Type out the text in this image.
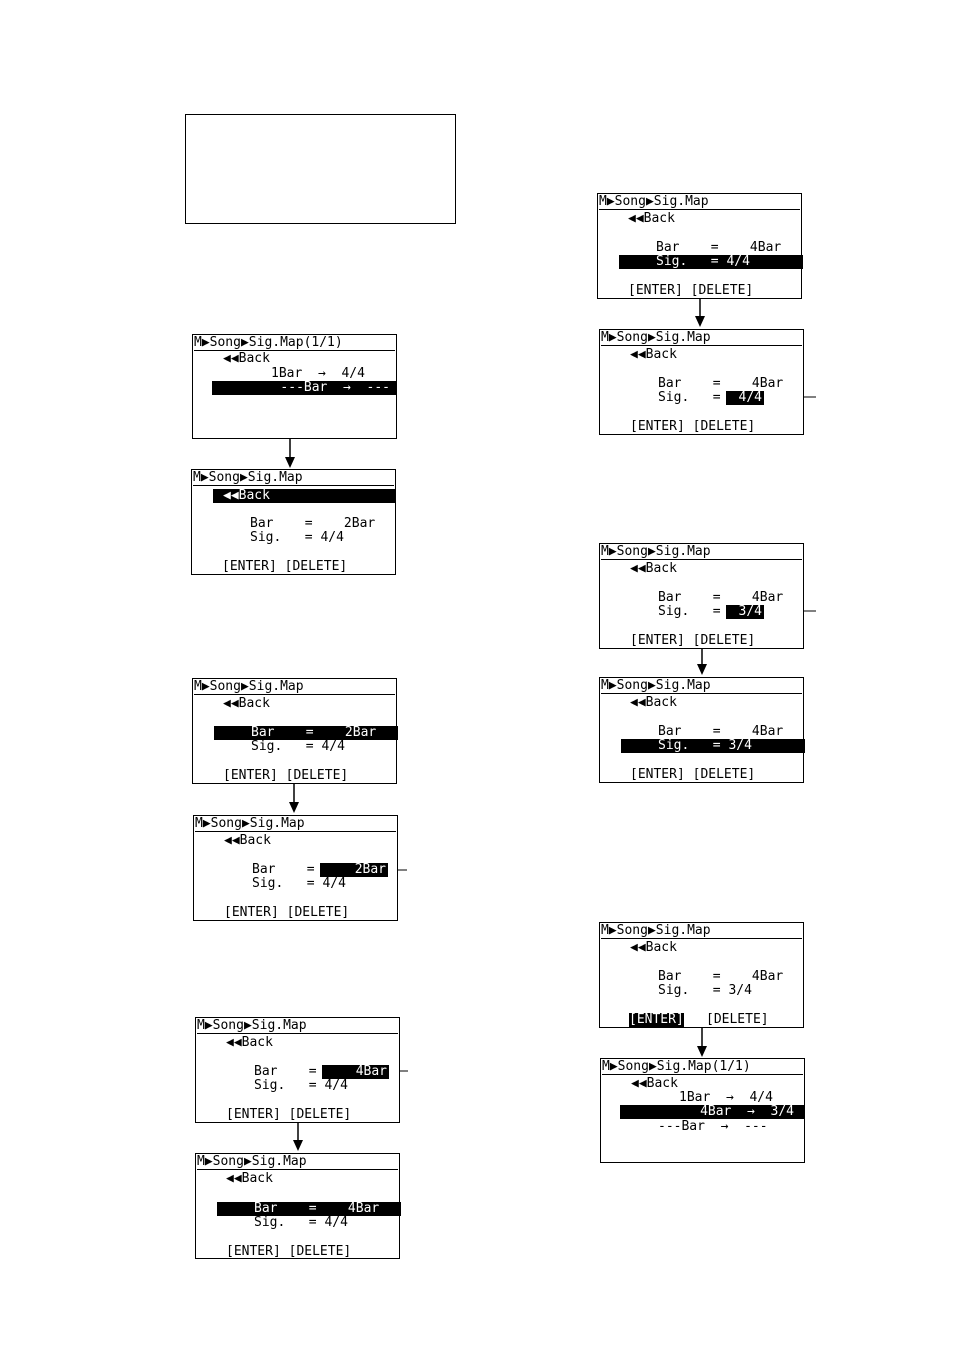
M▶Song▶Sig.Map(1/1)
◀◀Back
1Bar  →  4/4
---Bar  →  ---
M▶Song▶Sig.Map
◀◀Back
Bar    =    2Bar
Sig.   = 4/4
[ENTER] [DELETE]
M▶Song▶Sig.Map
◀◀Back
Bar    =    2Bar
Sig.   = 4/4
[ENTER] [DELETE]
M▶Song▶Sig.Map
◀◀Back
Bar    =	2Bar
Sig.   = 4/4
[ENTER] [DELETE]
M▶Song▶Sig.Map
◀◀Back
Bar    =	4Bar
Sig.   = 4/4
[ENTER] [DELETE]
M▶Song▶Sig.Map
◀◀Back
Bar    =    4Bar
Sig.   = 4/4
[ENTER] [DELETE]
M▶Song▶Sig.Map
◀◀Back
Bar    =    4Bar
Sig.   = 4/4
[ENTER] [DELETE]
M▶Song▶Sig.Map
◀◀Back
Bar    =    4Bar
Sig.   =	4/4
[ENTER] [DELETE]
M▶Song▶Sig.Map
◀◀Back
Bar    =    4Bar
Sig.   =	3/4
[ENTER] [DELETE]
M▶Song▶Sig.Map
◀◀Back
Bar    =    4Bar
Sig.   = 3/4
[ENTER] [DELETE]
M▶Song▶Sig.Map
◀◀Back
Bar    =    4Bar
Sig.   = 3/4
[ENTER] [DELETE]
M▶Song▶Sig.Map(1/1)
◀◀Back
1Bar  →  4/4
4Bar  →  3/4
---Bar  →  ---
